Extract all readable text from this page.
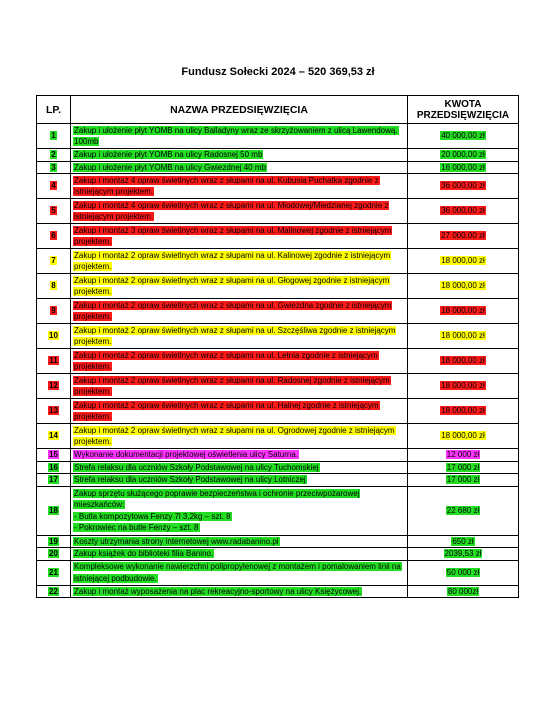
Fundusz Sołecki 2024 – 520 369,53 zł
LP.	NAZWA PRZEDSIĘWZIĘCIA	KWOTA
PRZEDSIĘWZIĘCIA
1	Zakup i ułożenie płyt YOMB na ulicy Balladyny wraz ze skrzyżowaniem z ulicą Lawendową. 100mb	40 000,00 zł
2	Zakup i ułożenie płyt YOMB na ulicy Radosnej 50 mb	20 000,00 zł
3	Zakup i ułożenie płyt YOMB na ulicy Gwiezdnej 40 mb	16 000,00 zł
4	Zakup i montaż 4 opraw świetlnych wraz z słupami na ul. Kubusia Puchatka zgodnie z istniejącym projektem.	36 000,00 zł
5	Zakup i montaż 4 opraw świetlnych wraz z słupami na ul. Miodowej/Miedzianej zgodnie z istniejącym projektem.	36 000,00 zł
6	Zakup i montaż 3 opraw świetlnych wraz z słupami na ul. Malinowej zgodnie z istniejącym projektem.	27 000,00 zł
7	Zakup i montaż 2 opraw świetlnych wraz z słupami na ul. Kalinowej zgodnie z istniejącym projektem.	18 000,00 zł
8	Zakup i montaż 2 opraw świetlnych wraz z słupami na ul. Głogowej zgodnie z istniejącym projektem.	18 000,00 zł
9	Zakup i montaż 2 opraw świetlnych wraz z słupami na ul. Gwiezdna zgodnie z istniejącym projektem.	18 000,00 zł
10	Zakup i montaż 2 opraw świetlnych wraz z słupami na ul. Szczęśliwa zgodnie z istniejącym projektem.	18 000,00 zł
11	Zakup i montaż 2 opraw świetlnych wraz z słupami na ul. Letnia zgodnie z istniejącym projektem.	18 000,00 zł
12	Zakup i montaż 2 opraw świetlnych wraz z słupami na ul. Radosnej zgodnie z istniejącym projektem.	18 000,00 zł
13	Zakup i montaż 2 opraw świetlnych wraz z słupami na ul. Halnej zgodnie z istniejącym projektem.	18 000,00 zł
14	Zakup i montaż 2 opraw świetlnych wraz z słupami na ul. Ogrodowej zgodnie z istniejącym projektem.	18 000,00 zł
15	Wykonanie dokumentacji projektowej oświetlenia ulicy Saturna.	12 000 zł
16	Strefa relaksu dla uczniów Szkoły Podstawowej na ulicy Tuchomskiej	17 000 zł
17	Strefa relaksu dla uczniów Szkoły Podstawowej na ulicy Lotniczej	17 000 zł
18	Zakup sprzętu służącego poprawie bezpieczeństwa i ochronie przeciwpożarowej mieszkańców:
- Butla kompozytowa Fenzy 7l 3,2kg – szt. 8
- Pokrowiec na butle Fenzy – szt. 8	22 680 zł
19	Koszty utrzymania strony internetowej www.radabanino.pl	650 zł
20	Zakup książek do biblioteki filia Banino.	2039,53 zł
21	Kompleksowe wykonanie nawierzchni polipropylenowej z montażem i pomalowaniem linii na istniejącej podbudowie.	50 000 zł
22	Zakup i montaż wyposażenia na plac rekreacyjno-sportowy na ulicy Księżycowej.	80 000zł
